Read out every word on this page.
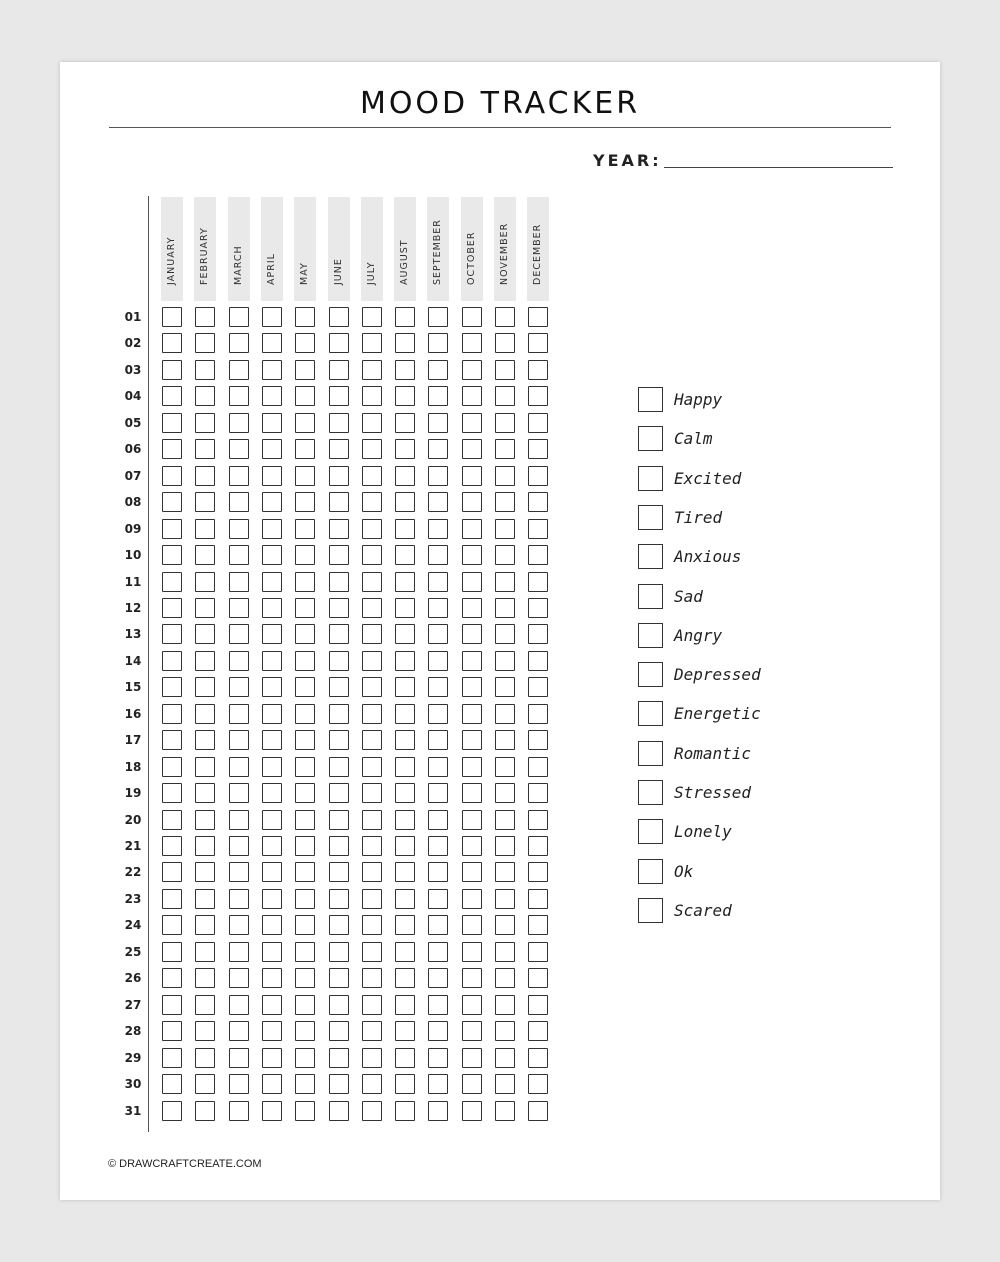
MOOD TRACKER
YEAR:
JANUARY FEBRUARY MARCH APRIL MAY JUNE JULY AUGUST SEPTEMBER OCTOBER NOVEMBER DECEMBER
01
02
03
04
05
06
07
08
09
10
11
12
13
14
15
16
17
18
19
20
21
22
23
24
25
26
27
28
29
30
31
Happy
Calm
Excited
Tired
Anxious
Sad
Angry
Depressed
Energetic
Romantic
Stressed
Lonely
Ok
Scared
© DRAWCRAFTCREATE.COM
